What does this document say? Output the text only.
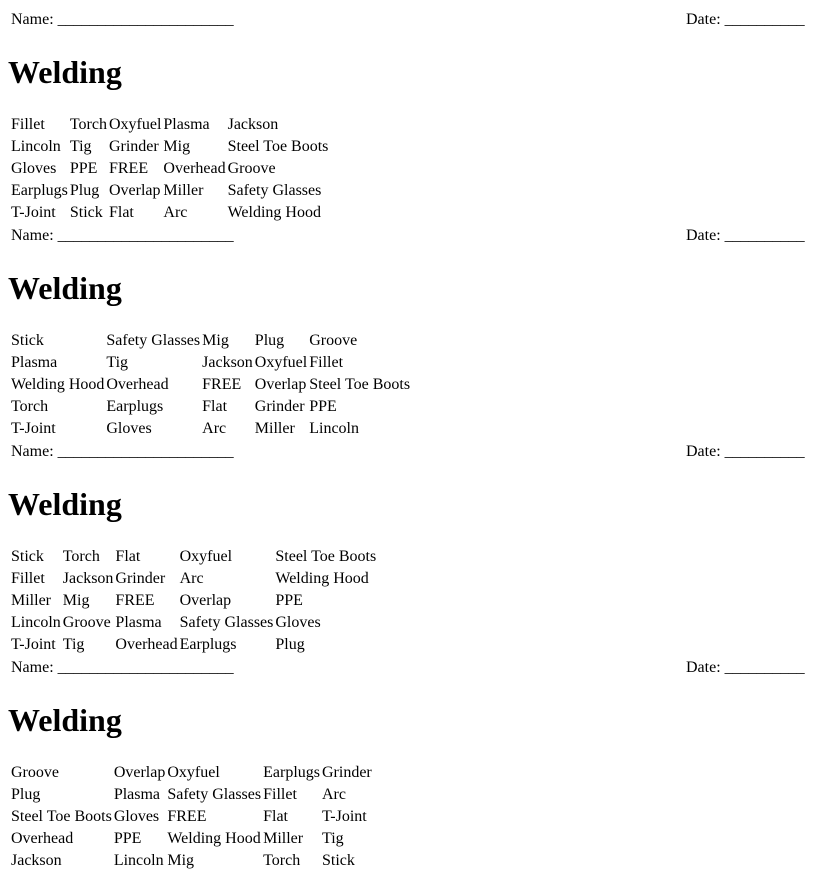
Name: ______________________	Date: __________
Welding
Fillet	Torch	Oxyfuel	Plasma	Jackson
Lincoln	Tig	Grinder	Mig	Steel Toe Boots
Gloves	PPE	FREE	Overhead	Groove
Earplugs	Plug	Overlap	Miller	Safety Glasses
T-Joint	Stick	Flat	Arc	Welding Hood
Name: ______________________	Date: __________
Welding
Stick	Safety Glasses	Mig	Plug	Groove
Plasma	Tig	Jackson	Oxyfuel	Fillet
Welding Hood	Overhead	FREE	Overlap	Steel Toe Boots
Torch	Earplugs	Flat	Grinder	PPE
T-Joint	Gloves	Arc	Miller	Lincoln
Name: ______________________	Date: __________
Welding
Stick	Torch	Flat	Oxyfuel	Steel Toe Boots
Fillet	Jackson	Grinder	Arc	Welding Hood
Miller	Mig	FREE	Overlap	PPE
Lincoln	Groove	Plasma	Safety Glasses	Gloves
T-Joint	Tig	Overhead	Earplugs	Plug
Name: ______________________	Date: __________
Welding
Groove	Overlap	Oxyfuel	Earplugs	Grinder
Plug	Plasma	Safety Glasses	Fillet	Arc
Steel Toe Boots	Gloves	FREE	Flat	T-Joint
Overhead	PPE	Welding Hood	Miller	Tig
Jackson	Lincoln	Mig	Torch	Stick
